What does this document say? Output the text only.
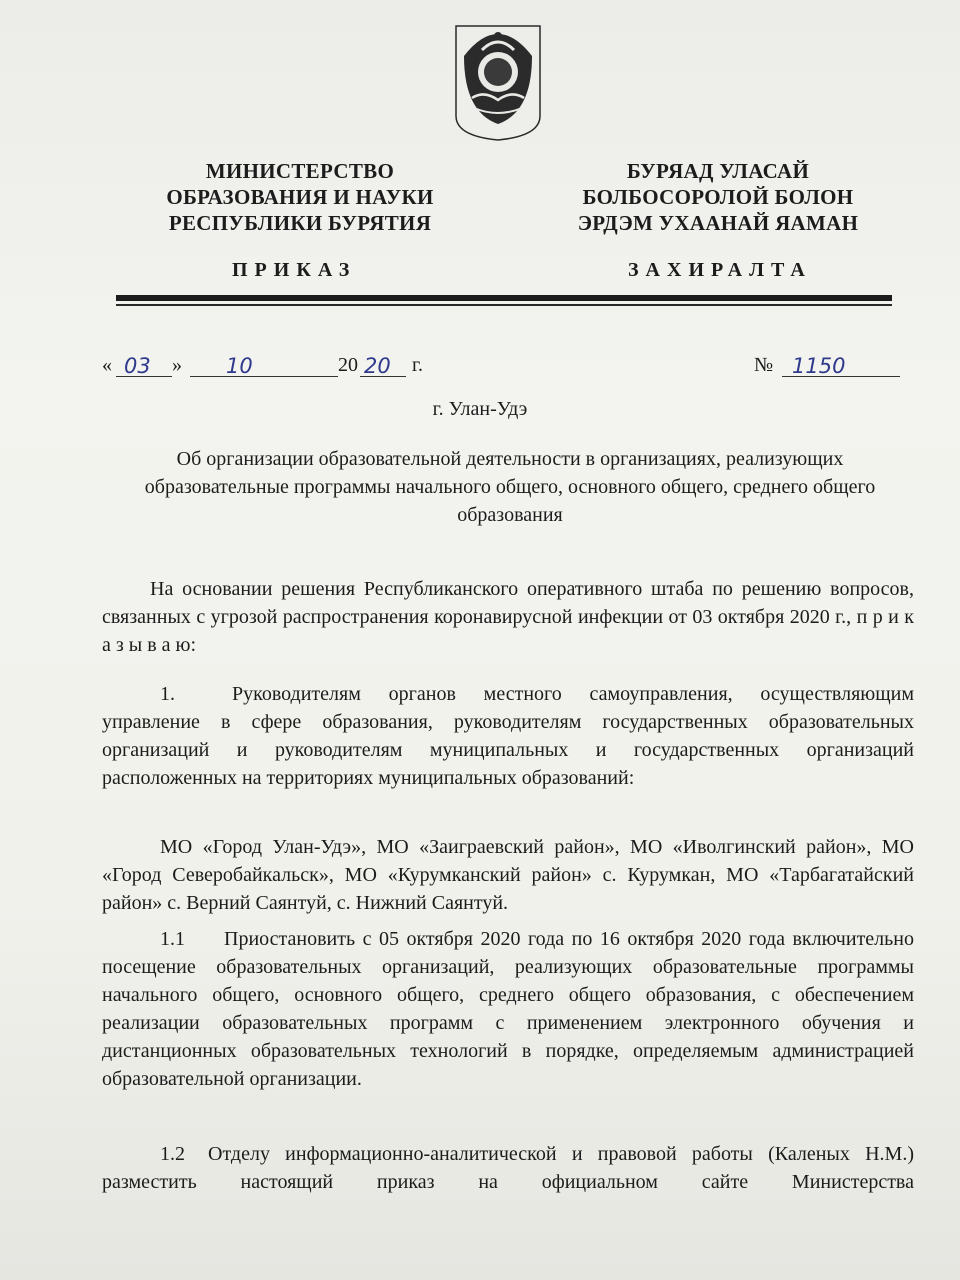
МИНИСТЕРСТВО
ОБРАЗОВАНИЯ И НАУКИ
РЕСПУБЛИКИ БУРЯТИЯ
БУРЯАД УЛАСАЙ
БОЛБОСОРОЛОЙ БОЛОН
ЭРДЭМ УХААНАЙ ЯАМАН
ПРИКАЗ	ЗАХИРАЛТА
« 03 » 10	20 20 г.	№ 1150
г. Улан-Удэ
Об организации образовательной деятельности в организациях, реализующих образовательные программы начального общего, основного общего, среднего общего образования
На основании решения Республиканского оперативного штаба по решению вопросов, связанных с угрозой распространения коронавирусной инфекции от 03 октября 2020 г., п р и к а з ы в а ю:
1.	Руководителям органов местного самоуправления, осуществляющим управление в сфере образования, руководителям государственных образовательных организаций и руководителям муниципальных и государственных организаций расположенных на территориях муниципальных образований:
МО «Город Улан-Удэ», МО «Заиграевский район», МО «Иволгинский район», МО «Город Северобайкальск», МО «Курумканский район» с. Курумкан, МО «Тарбагатайский район» с. Верний Саянтуй, с. Нижний Саянтуй.
1.1 Приостановить с 05 октября 2020 года по 16 октября 2020 года включительно посещение образовательных организаций, реализующих образовательные программы начального общего, основного общего, среднего общего образования, с обеспечением реализации образовательных программ с применением электронного обучения и дистанционных образовательных технологий в порядке, определяемым администрацией образовательной организации.
1.2 Отделу информационно-аналитической и правовой работы (Каленых Н.М.) разместить настоящий приказ на официальном сайте Министерства
